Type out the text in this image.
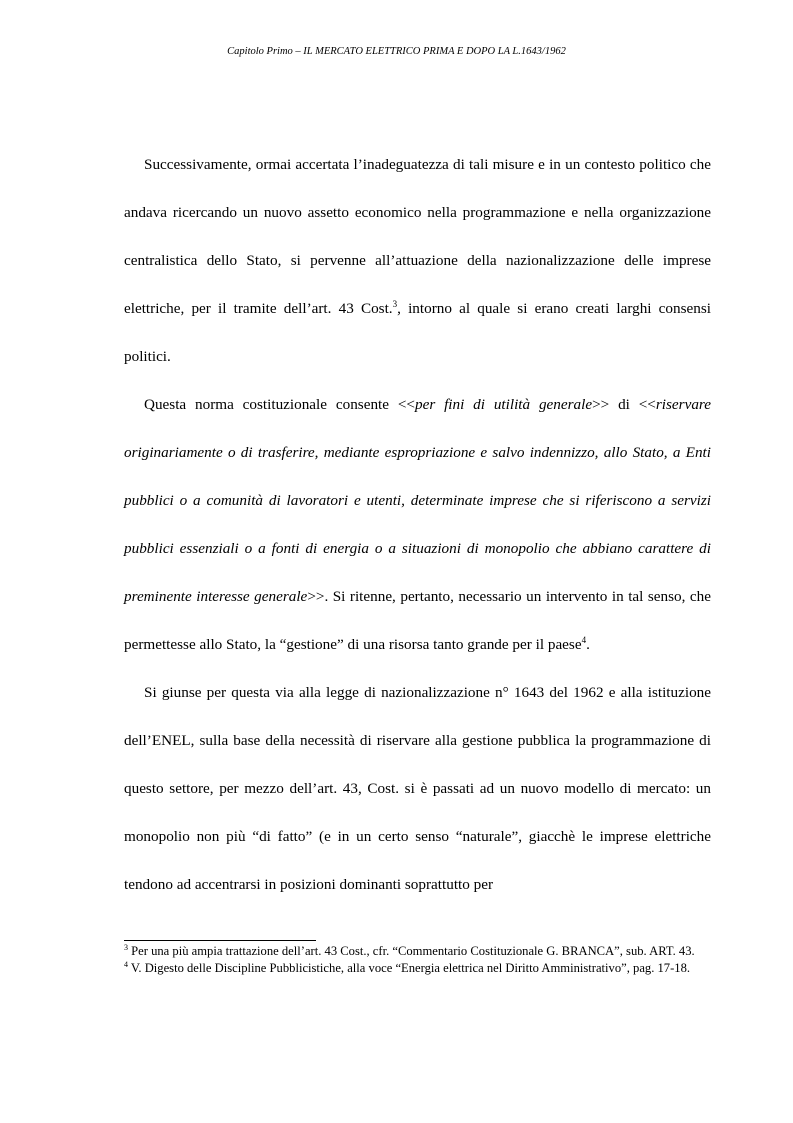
Capitolo Primo – IL MERCATO ELETTRICO PRIMA E DOPO LA L.1643/1962

Successivamente, ormai accertata l’inadeguatezza di tali misure e in un contesto politico che andava ricercando un nuovo assetto economico nella programmazione e nella organizzazione centralistica dello Stato, si pervenne all’attuazione della nazionalizzazione delle imprese elettriche, per il tramite dell’art. 43 Cost.$^3$, intorno al quale si erano creati larghi consensi politici.

Questa norma costituzionale consente <<per fini di utilità generale>> di <<riservare originariamente o di trasferire, mediante espropriazione e salvo indennizzo, allo Stato, a Enti pubblici o a comunità di lavoratori e utenti, determinate imprese che si riferiscono a servizi pubblici essenziali o a fonti di energia o a situazioni di monopolio che abbiano carattere di preminente interesse generale>>. Si ritenne, pertanto, necessario un intervento in tal senso, che permettesse allo Stato, la “gestione” di una risorsa tanto grande per il paese$^4$.

Si giunse per questa via alla legge di nazionalizzazione n° 1643 del 1962 e alla istituzione dell’ENEL, sulla base della necessità di riservare alla gestione pubblica la programmazione di questo settore, per mezzo dell’art. 43, Cost. si è passati ad un nuovo modello di mercato: un monopolio non più “di fatto” (e in un certo senso “naturale”, giacchè le imprese elettriche tendono ad accentrarsi in posizioni dominanti soprattutto per

$^3$ Per una più ampia trattazione dell’art. 43 Cost., cfr. “Commentario Costituzionale G. BRANCA”, sub. ART. 43.

$^4$ V. Digesto delle Discipline Pubblicistiche, alla voce “Energia elettrica nel Diritto Amministrativo”, pag. 17-18.
